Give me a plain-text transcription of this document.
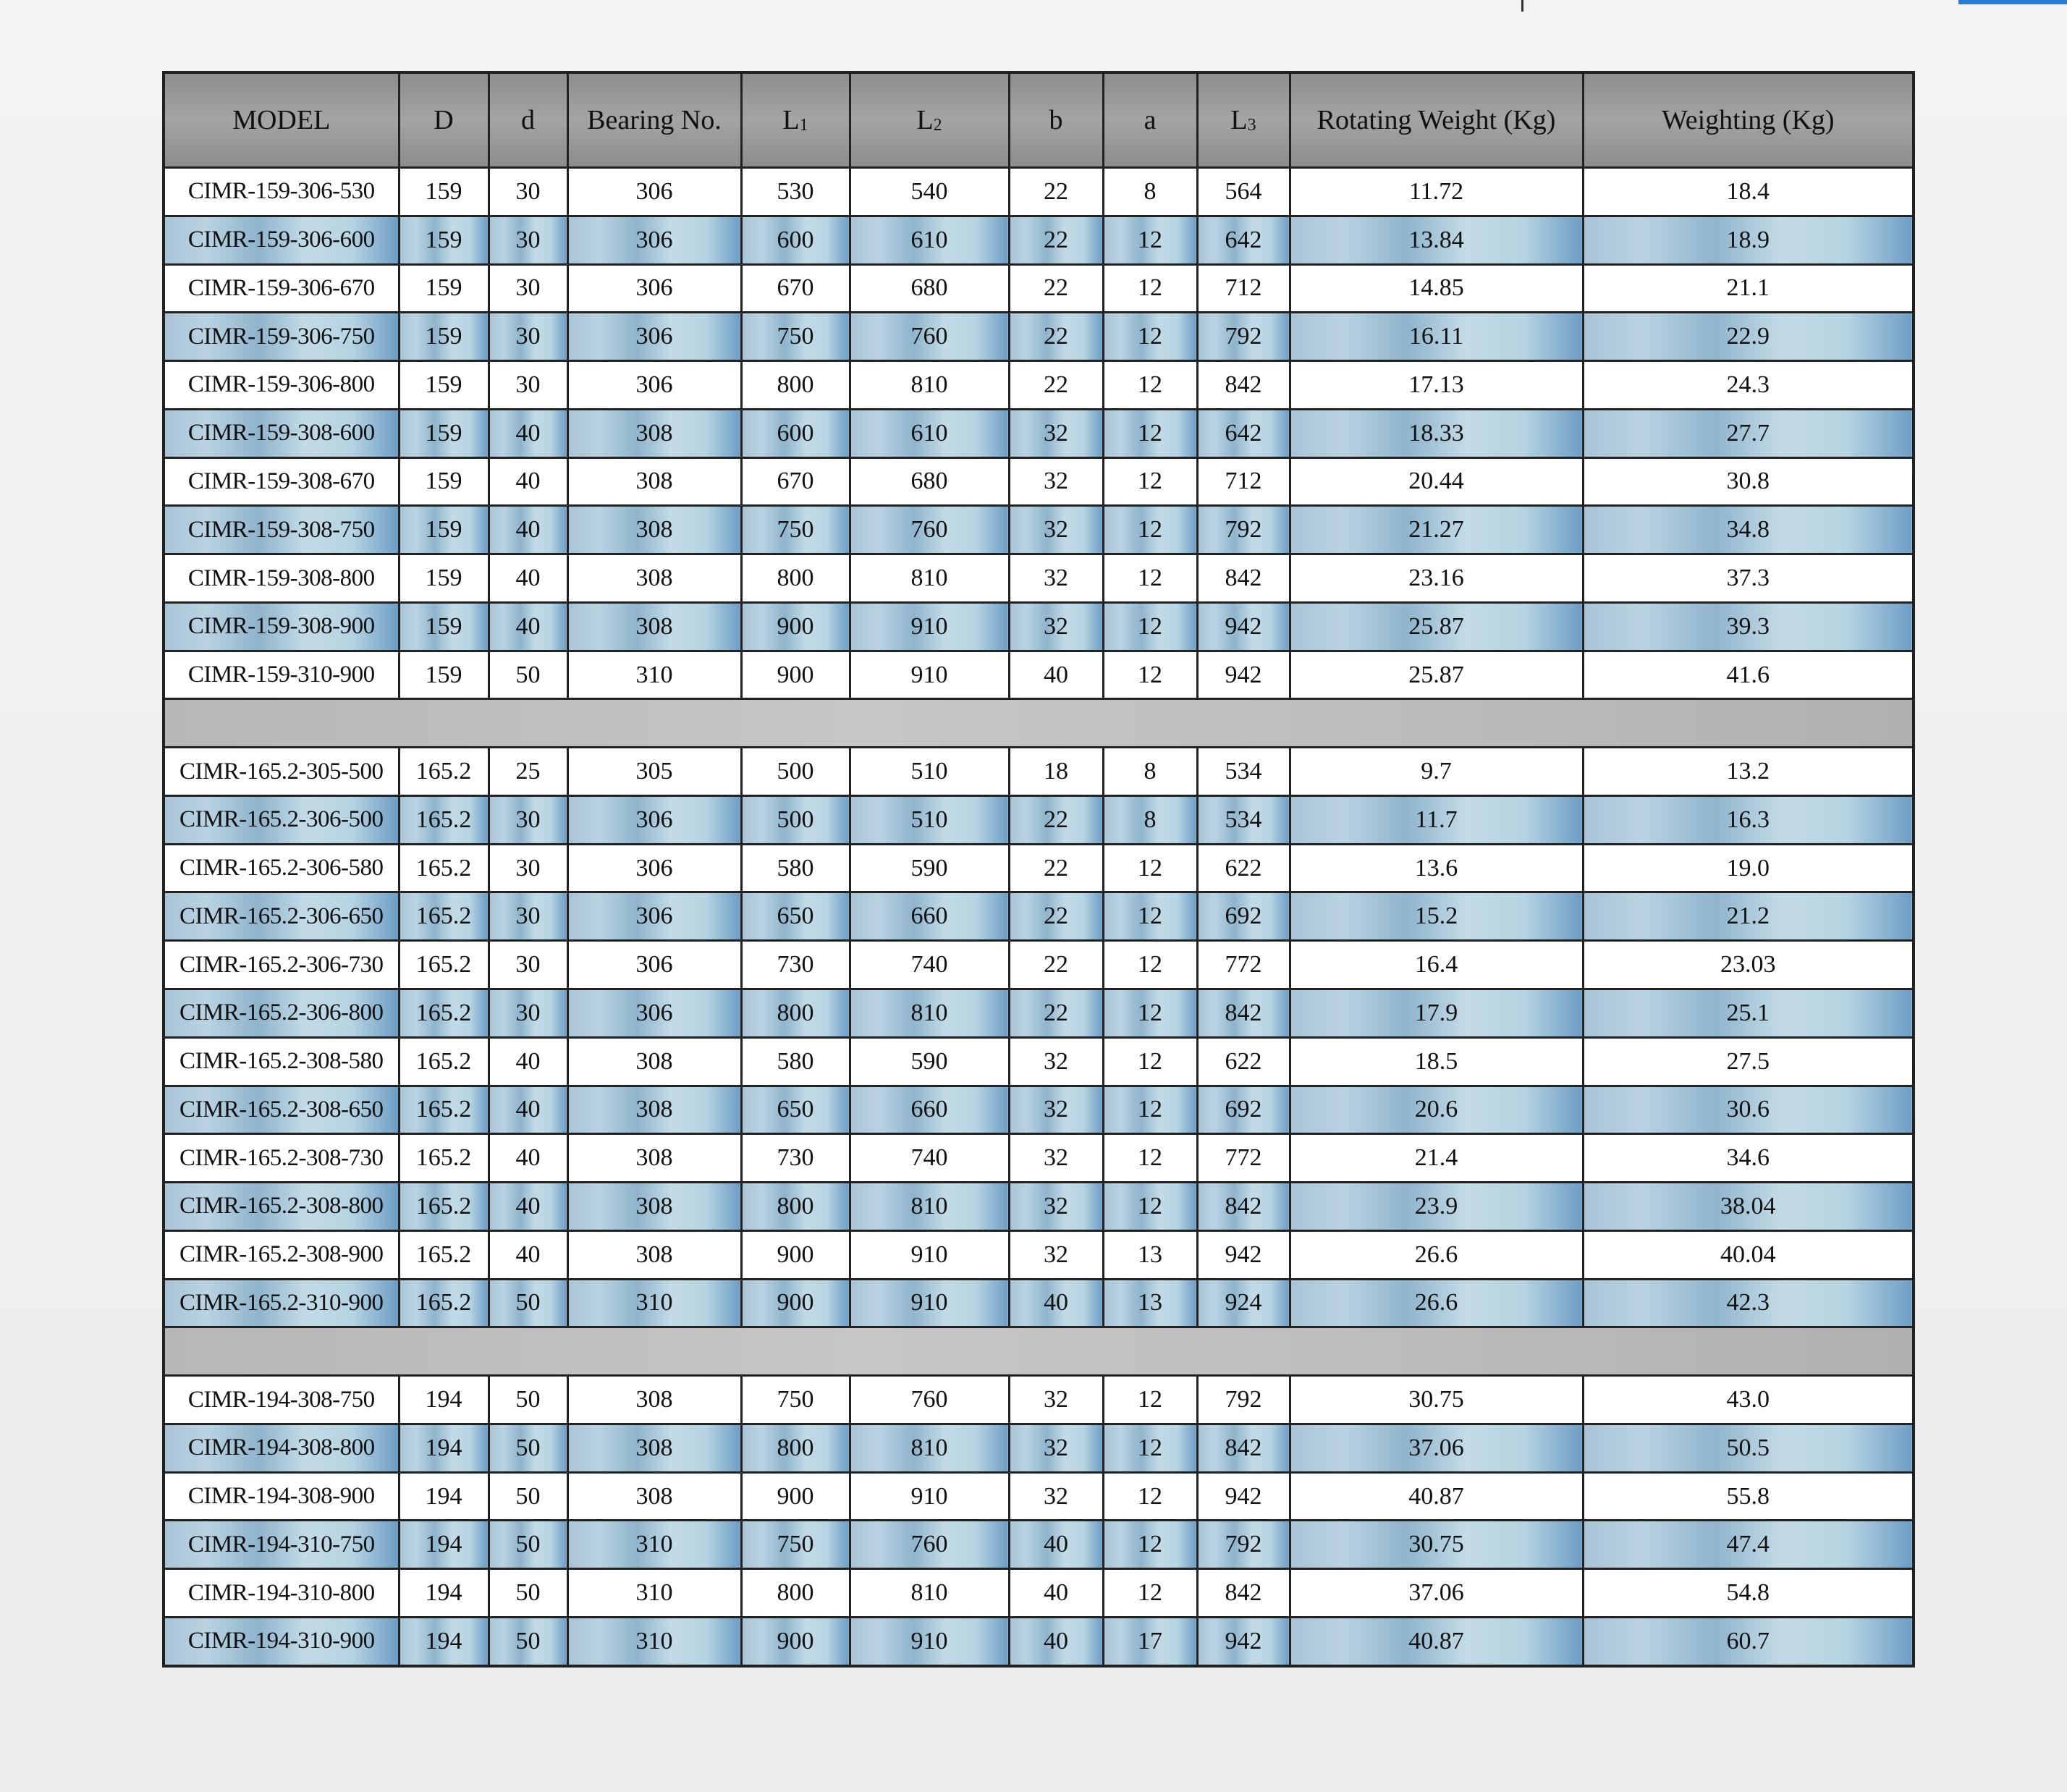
MODEL	D	d	Bearing No.	$L_1$	$L_2$	b	a	$L_3$	Rotating Weight (Kg)	Weighting (Kg)
CIMR-159-306-530	159	30	306	530	540	22	8	564	11.72	18.4
CIMR-159-306-600	159	30	306	600	610	22	12	642	13.84	18.9
CIMR-159-306-670	159	30	306	670	680	22	12	712	14.85	21.1
CIMR-159-306-750	159	30	306	750	760	22	12	792	16.11	22.9
CIMR-159-306-800	159	30	306	800	810	22	12	842	17.13	24.3
CIMR-159-308-600	159	40	308	600	610	32	12	642	18.33	27.7
CIMR-159-308-670	159	40	308	670	680	32	12	712	20.44	30.8
CIMR-159-308-750	159	40	308	750	760	32	12	792	21.27	34.8
CIMR-159-308-800	159	40	308	800	810	32	12	842	23.16	37.3
CIMR-159-308-900	159	40	308	900	910	32	12	942	25.87	39.3
CIMR-159-310-900	159	50	310	900	910	40	12	942	25.87	41.6

CIMR-165.2-305-500	165.2	25	305	500	510	18	8	534	9.7	13.2
CIMR-165.2-306-500	165.2	30	306	500	510	22	8	534	11.7	16.3
CIMR-165.2-306-580	165.2	30	306	580	590	22	12	622	13.6	19.0
CIMR-165.2-306-650	165.2	30	306	650	660	22	12	692	15.2	21.2
CIMR-165.2-306-730	165.2	30	306	730	740	22	12	772	16.4	23.03
CIMR-165.2-306-800	165.2	30	306	800	810	22	12	842	17.9	25.1
CIMR-165.2-308-580	165.2	40	308	580	590	32	12	622	18.5	27.5
CIMR-165.2-308-650	165.2	40	308	650	660	32	12	692	20.6	30.6
CIMR-165.2-308-730	165.2	40	308	730	740	32	12	772	21.4	34.6
CIMR-165.2-308-800	165.2	40	308	800	810	32	12	842	23.9	38.04
CIMR-165.2-308-900	165.2	40	308	900	910	32	13	942	26.6	40.04
CIMR-165.2-310-900	165.2	50	310	900	910	40	13	924	26.6	42.3

CIMR-194-308-750	194	50	308	750	760	32	12	792	30.75	43.0
CIMR-194-308-800	194	50	308	800	810	32	12	842	37.06	50.5
CIMR-194-308-900	194	50	308	900	910	32	12	942	40.87	55.8
CIMR-194-310-750	194	50	310	750	760	40	12	792	30.75	47.4
CIMR-194-310-800	194	50	310	800	810	40	12	842	37.06	54.8
CIMR-194-310-900	194	50	310	900	910	40	17	942	40.87	60.7
